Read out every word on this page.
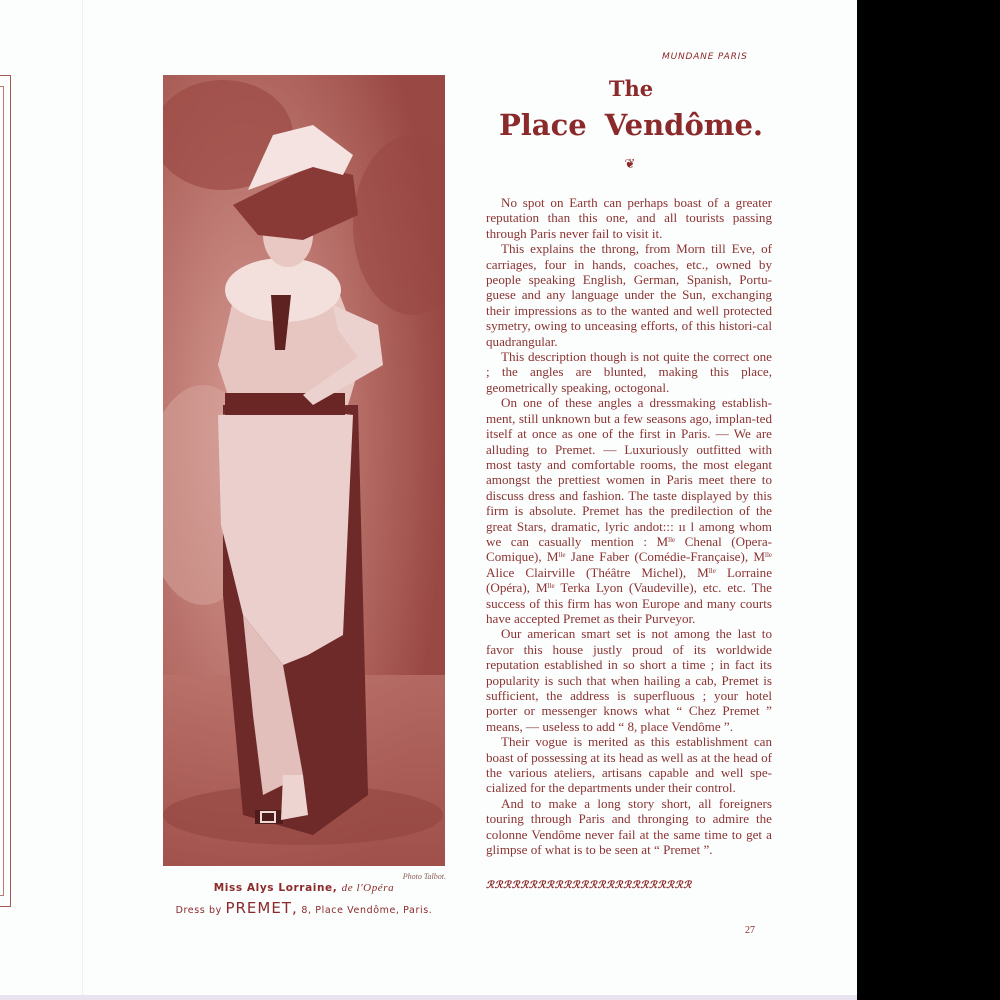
MUNDANE PARIS
Photo Talbot.
Miss Alys Lorraine, de l'Opéra
Dress by PREMET, 8, Place Vendôme, Paris.
The
Place Vendôme.
❦

No spot on Earth can perhaps boast of a greater reputation than this one, and all tourists passing through Paris never fail to visit it.

This explains the throng, from Morn till Eve, of carriages, four in hands, coaches, etc., owned by people speaking English, German, Spanish, Portu-guese and any language under the Sun, exchanging their impressions as to the wanted and well protected symetry, owing to unceasing efforts, of this histori-cal quadrangular.

This description though is not quite the correct one ; the angles are blunted, making this place, geometrically speaking, octogonal.

On one of these angles a dressmaking establish-ment, still unknown but a few seasons ago, implan-ted itself at once as one of the first in Paris. — We are alluding to Premet. — Luxuriously outfitted with most tasty and comfortable rooms, the most elegant amongst the prettiest women in Paris meet there to discuss dress and fashion. The taste displayed by this firm is absolute. Premet has the predilection of the great Stars, dramatic, lyric andot::: ıı l among whom we can casually mention : $M^{lle}$ Chenal (Opera-Comique), $M^{lle}$ Jane Faber (Comédie-Française), $M^{lle}$ Alice Clairville (Théâtre Michel), $M^{lle}$ Lorraine (Opéra), $M^{lle}$ Terka Lyon (Vaudeville), etc. etc. The success of this firm has won Europe and many courts have accepted Premet as their Purveyor.

Our american smart set is not among the last to favor this house justly proud of its worldwide reputation established in so short a time ; in fact its popularity is such that when hailing a cab, Premet is sufficient, the address is superfluous ; your hotel porter or messenger knows what “ Chez Premet ” means, — useless to add “ 8, place Vendôme ”.

Their vogue is merited as this establishment can boast of possessing at its head as well as at the head of the various ateliers, artisans capable and well spe-cialized for the departments under their control.

And to make a long story short, all foreigners touring through Paris and thronging to admire the colonne Vendôme never fail at the same time to get a glimpse of what is to be seen at “ Premet ”.

ℛℛℛℛℛℛℛℛℛℛℛℛℛℛℛℛℛℛℛℛℛℛℛℛ
27
